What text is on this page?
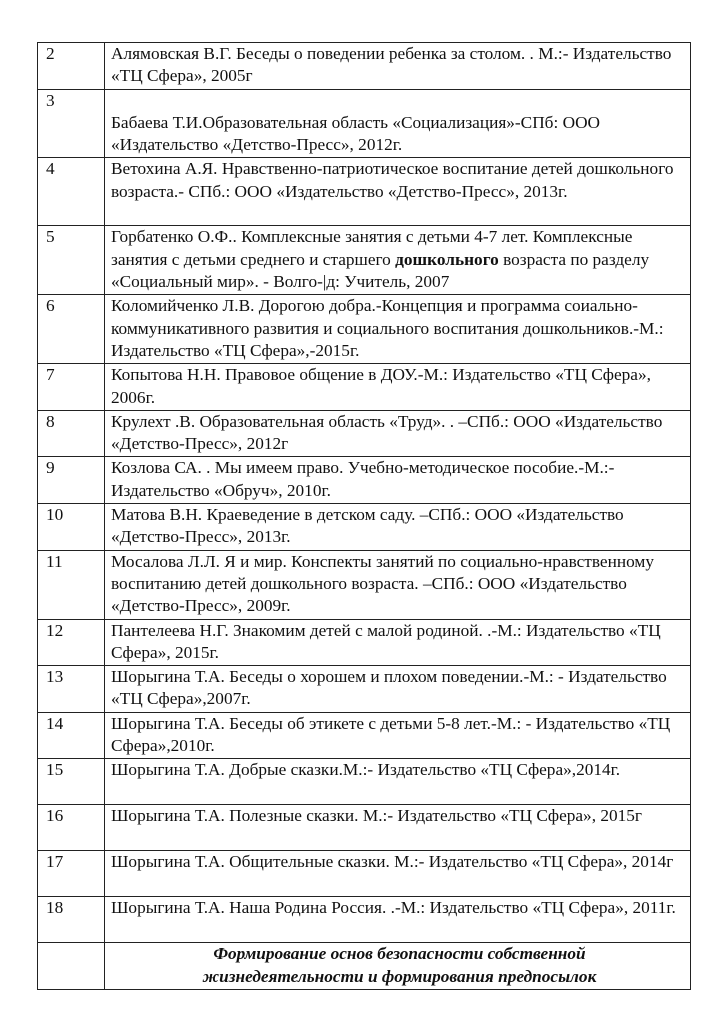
2	Алямовская В.Г. Беседы о поведении ребенка за столом. . М.:- Издательство «ТЦ Сфера», 2005г
3	Бабаева Т.И.Образовательная область «Социализация»-СПб: ООО «Издательство «Детство-Пресс», 2012г.
4	Ветохина А.Я. Нравственно-патриотическое воспитание детей дошкольного возраста.- СПб.: ООО «Издательство «Детство-Пресс», 2013г.
5	Горбатенко О.Ф.. Комплексные занятия с детьми 4-7 лет. Комплексные занятия с детьми среднего и старшего дошкольного возраста по разделу «Социальный мир». - Волго-|д: Учитель, 2007
6	Коломийченко Л.В. Дорогою добра.-Концепция и программа соиально-коммуникативного развития и социального воспитания дошкольников.-М.: Издательство «ТЦ Сфера»,-2015г.
7	Копытова Н.Н. Правовое общение в ДОУ.-М.: Издательство «ТЦ Сфера», 2006г.
8	Крулехт .В. Образовательная область «Труд». . –СПб.: ООО «Издательство «Детство-Пресс», 2012г
9	Козлова СА. . Мы имеем право. Учебно-методическое пособие.-М.:- Издательство «Обруч», 2010г.
10	Матова В.Н. Краеведение в детском саду. –СПб.: ООО «Издательство «Детство-Пресс», 2013г.
11	Мосалова Л.Л. Я и мир. Конспекты занятий по социально-нравственному воспитанию детей дошкольного возраста. –СПб.: ООО «Издательство «Детство-Пресс», 2009г.
12	Пантелеева Н.Г. Знакомим детей с малой родиной. .-М.: Издательство «ТЦ Сфера», 2015г.
13	Шорыгина Т.А. Беседы о хорошем и плохом поведении.-М.: - Издательство «ТЦ Сфера»,2007г.
14	Шорыгина Т.А. Беседы об этикете с детьми 5-8 лет.-М.: - Издательство «ТЦ Сфера»,2010г.
15	Шорыгина Т.А. Добрые сказки.М.:- Издательство «ТЦ Сфера»,2014г.
16	Шорыгина Т.А. Полезные сказки. М.:- Издательство «ТЦ Сфера», 2015г
17	Шорыгина Т.А. Общительные сказки. М.:- Издательство «ТЦ Сфера», 2014г
18	Шорыгина Т.А. Наша Родина Россия. .-М.: Издательство «ТЦ Сфера», 2011г.

	Формирование основ безопасности собственной
жизнедеятельности и формирования предпосылок
